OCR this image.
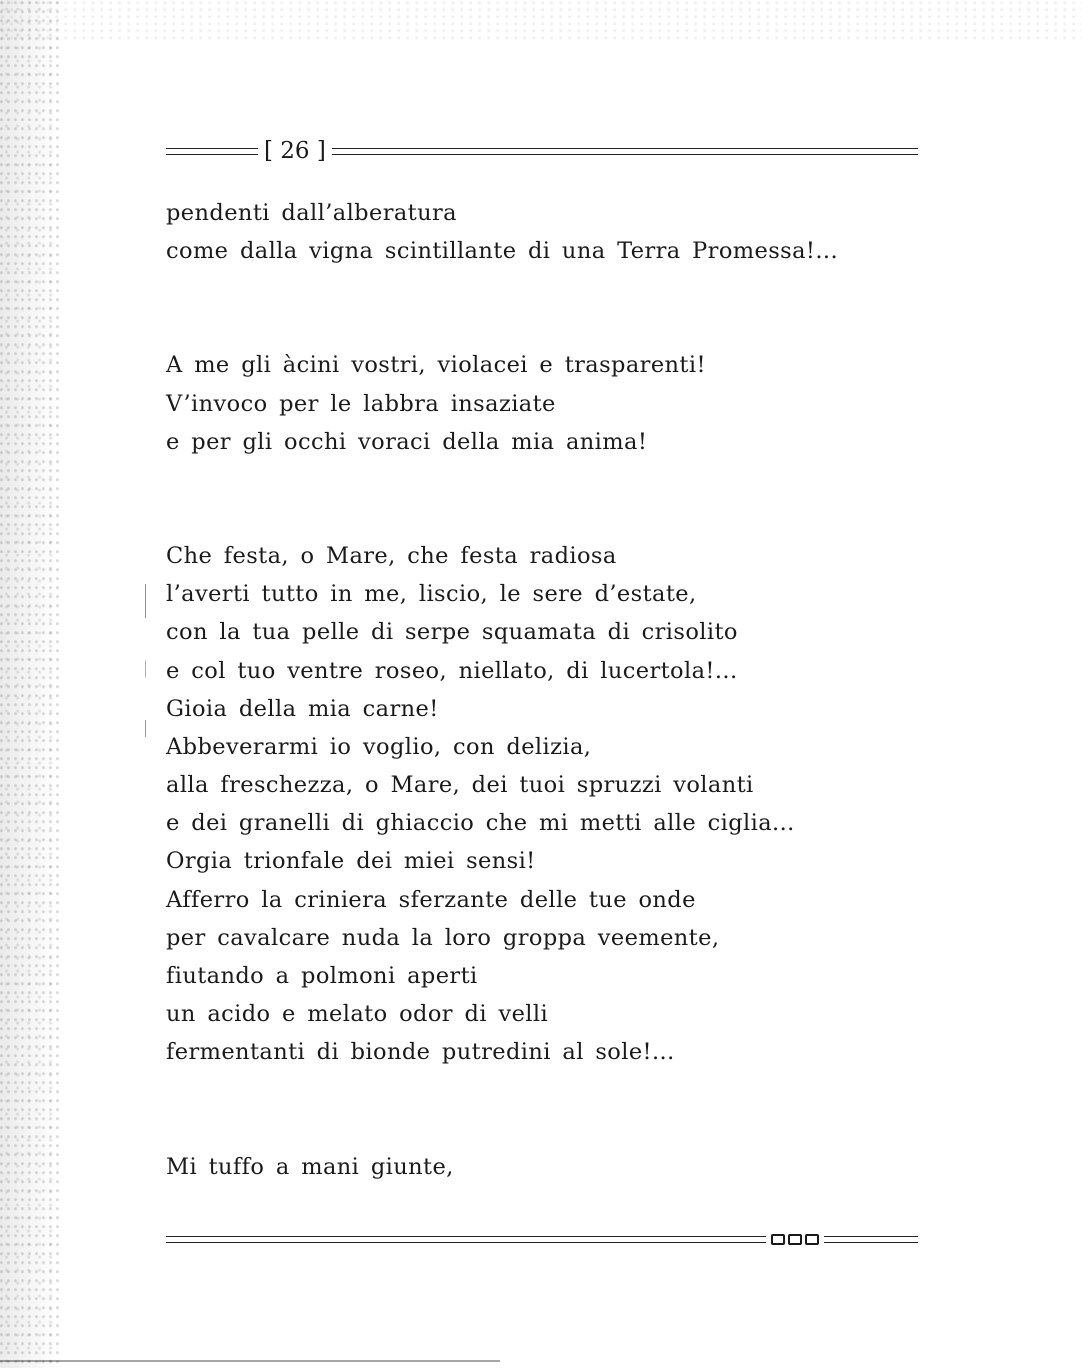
[ 26 ]
pendenti dall’alberatura
come dalla vigna scintillante di una Terra Promessa!...
A me gli àcini vostri, violacei e trasparenti!
V’invoco per le labbra insaziate
e per gli occhi voraci della mia anima!
Che festa, o Mare, che festa radiosa
l’averti tutto in me, liscio, le sere d’estate,
con la tua pelle di serpe squamata di crisolito
e col tuo ventre roseo, niellato, di lucertola!...
Gioia della mia carne!
Abbeverarmi io voglio, con delizia,
alla freschezza, o Mare, dei tuoi spruzzi volanti
e dei granelli di ghiaccio che mi metti alle ciglia...
Orgia trionfale dei miei sensi!
Afferro la criniera sferzante delle tue onde
per cavalcare nuda la loro groppa veemente,
fiutando a polmoni aperti
un acido e melato odor di velli
fermentanti di bionde putredini al sole!...
Mi tuffo a mani giunte,
